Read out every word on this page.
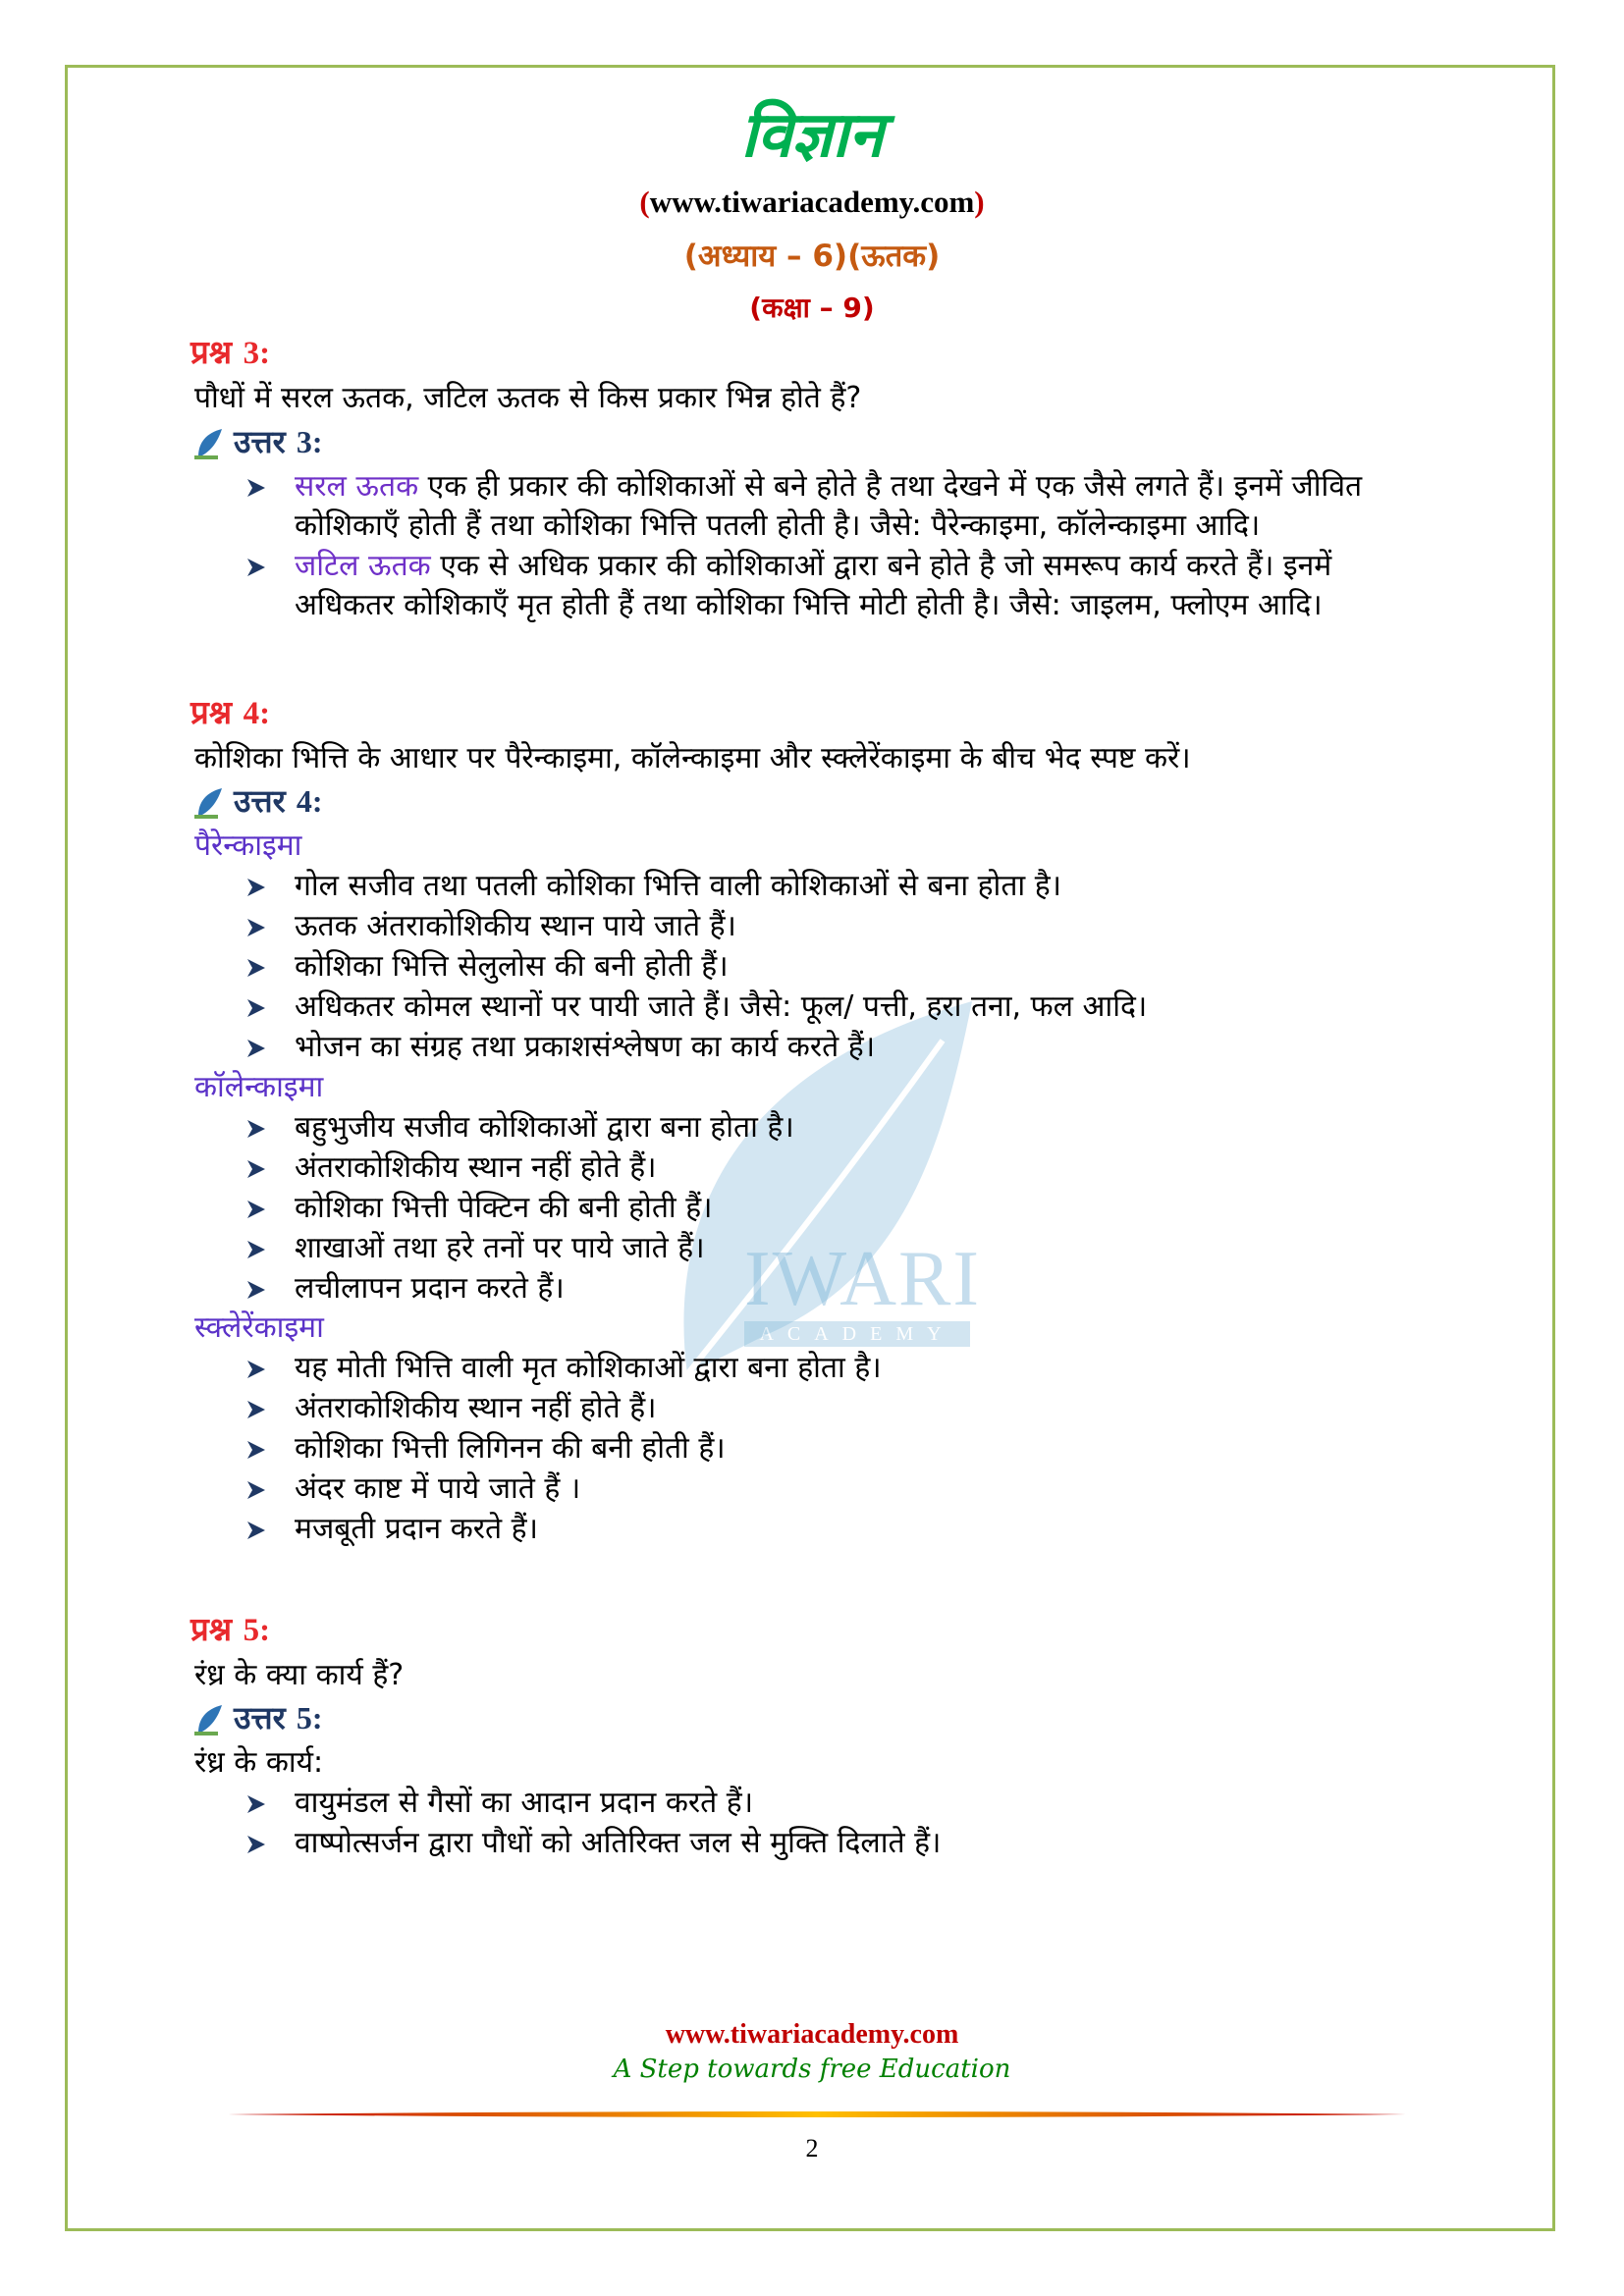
IWARI
ACADEMY
विज्ञान
(www.tiwariacademy.com)
(अध्याय – 6)(ऊतक)
(कक्षा – 9)
प्रश्न 3:
पौधों में सरल ऊतक, जटिल ऊतक से किस प्रकार भिन्न होते हैं?
उत्तर 3:
सरल ऊतक एक ही प्रकार की कोशिकाओं से बने होते है तथा देखने में एक जैसे लगते हैं। इनमें जीवित
कोशिकाएँ होती हैं तथा कोशिका भित्ति पतली होती है। जैसे: पैरेन्काइमा, कॉलेन्काइमा आदि।
जटिल ऊतक एक से अधिक प्रकार की कोशिकाओं द्वारा बने होते है जो समरूप कार्य करते हैं। इनमें
अधिकतर कोशिकाएँ मृत होती हैं तथा कोशिका भित्ति मोटी होती है। जैसे: जाइलम, फ्लोएम आदि।
प्रश्न 4:
कोशिका भित्ति के आधार पर पैरेन्काइमा, कॉलेन्काइमा और स्क्लेरेंकाइमा के बीच भेद स्पष्ट करें।
उत्तर 4:
पैरेन्काइमा
गोल सजीव तथा पतली कोशिका भित्ति वाली कोशिकाओं से बना होता है।
ऊतक अंतराकोशिकीय स्थान पाये जाते हैं।
कोशिका भित्ति सेलुलोस की बनी होती हैं।
अधिकतर कोमल स्थानों पर पायी जाते हैं। जैसे: फूल/ पत्ती, हरा तना, फल आदि।
भोजन का संग्रह तथा प्रकाशसंश्लेषण का कार्य करते हैं।
कॉलेन्काइमा
बहुभुजीय सजीव कोशिकाओं द्वारा बना होता है।
अंतराकोशिकीय स्थान नहीं होते हैं।
कोशिका भित्ती पेक्टिन की बनी होती हैं।
शाखाओं तथा हरे तनों पर पाये जाते हैं।
लचीलापन प्रदान करते हैं।
स्क्लेरेंकाइमा
यह मोती भित्ति वाली मृत कोशिकाओं द्वारा बना होता है।
अंतराकोशिकीय स्थान नहीं होते हैं।
कोशिका भित्ती लिगिनन की बनी होती हैं।
अंदर काष्ट में पाये जाते हैं ।
मजबूती प्रदान करते हैं।
प्रश्न 5:
रंध्र के क्या कार्य हैं?
उत्तर 5:
रंध्र के कार्य:
वायुमंडल से गैसों का आदान प्रदान करते हैं।
वाष्पोत्सर्जन द्वारा पौधों को अतिरिक्त जल से मुक्ति दिलाते हैं।
www.tiwariacademy.com
A Step towards free Education
2
